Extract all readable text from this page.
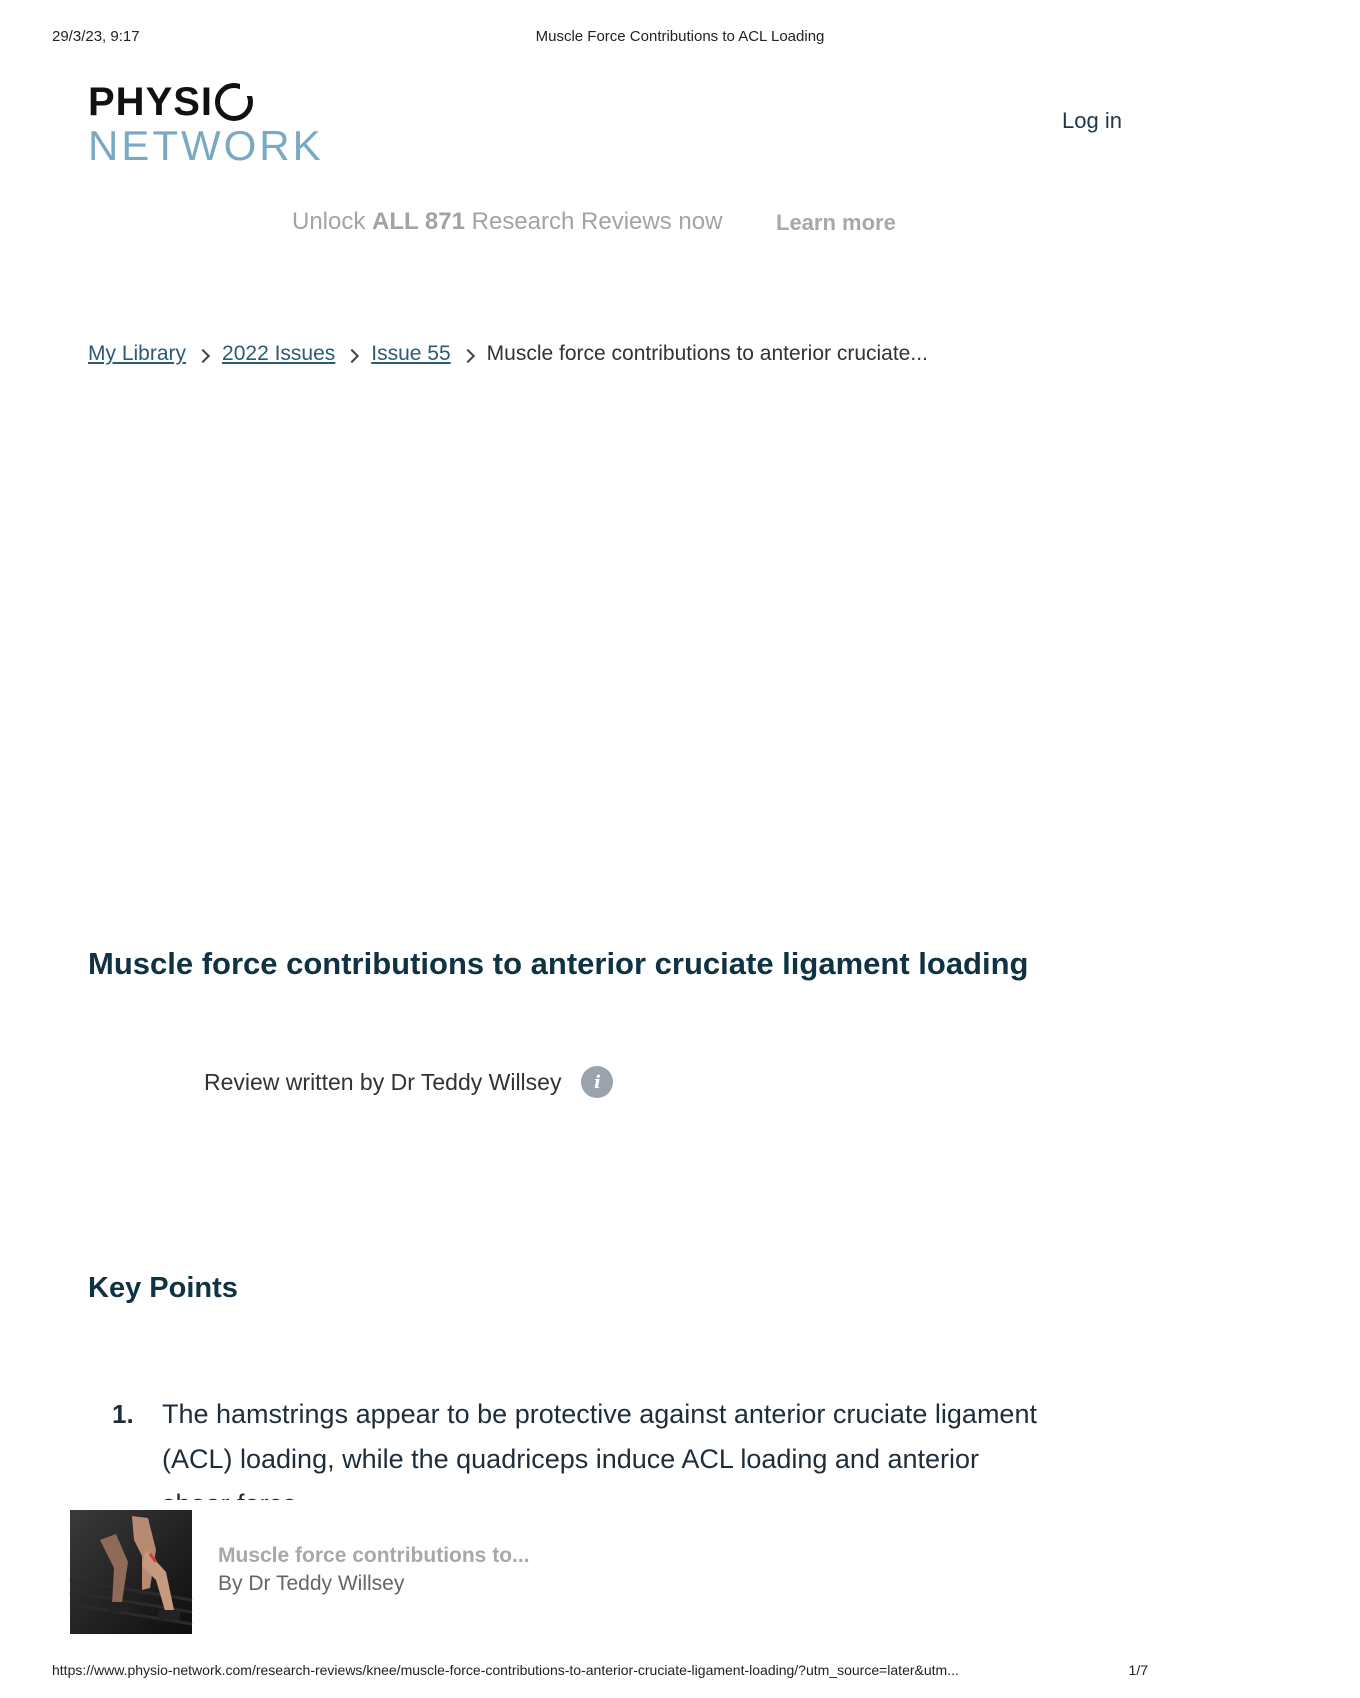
29/3/23, 9:17	Muscle Force Contributions to ACL Loading
PHYSI
NETWORK
Log in
Unlock ALL 871 Research Reviews now Learn more
My Library 2022 Issues Issue 55 Muscle force contributions to anterior cruciate...
Muscle force contributions to anterior cruciate ligament loading
Review written by Dr Teddy Willsey	i
Key Points
1.	The hamstrings appear to be protective against anterior cruciate ligament (ACL) loading, while the quadriceps induce ACL loading and anterior
Muscle force contributions to...
By Dr Teddy Willsey
https://www.physio-network.com/research-reviews/knee/muscle-force-contributions-to-anterior-cruciate-ligament-loading/?utm_source=later&utm...	1/7
